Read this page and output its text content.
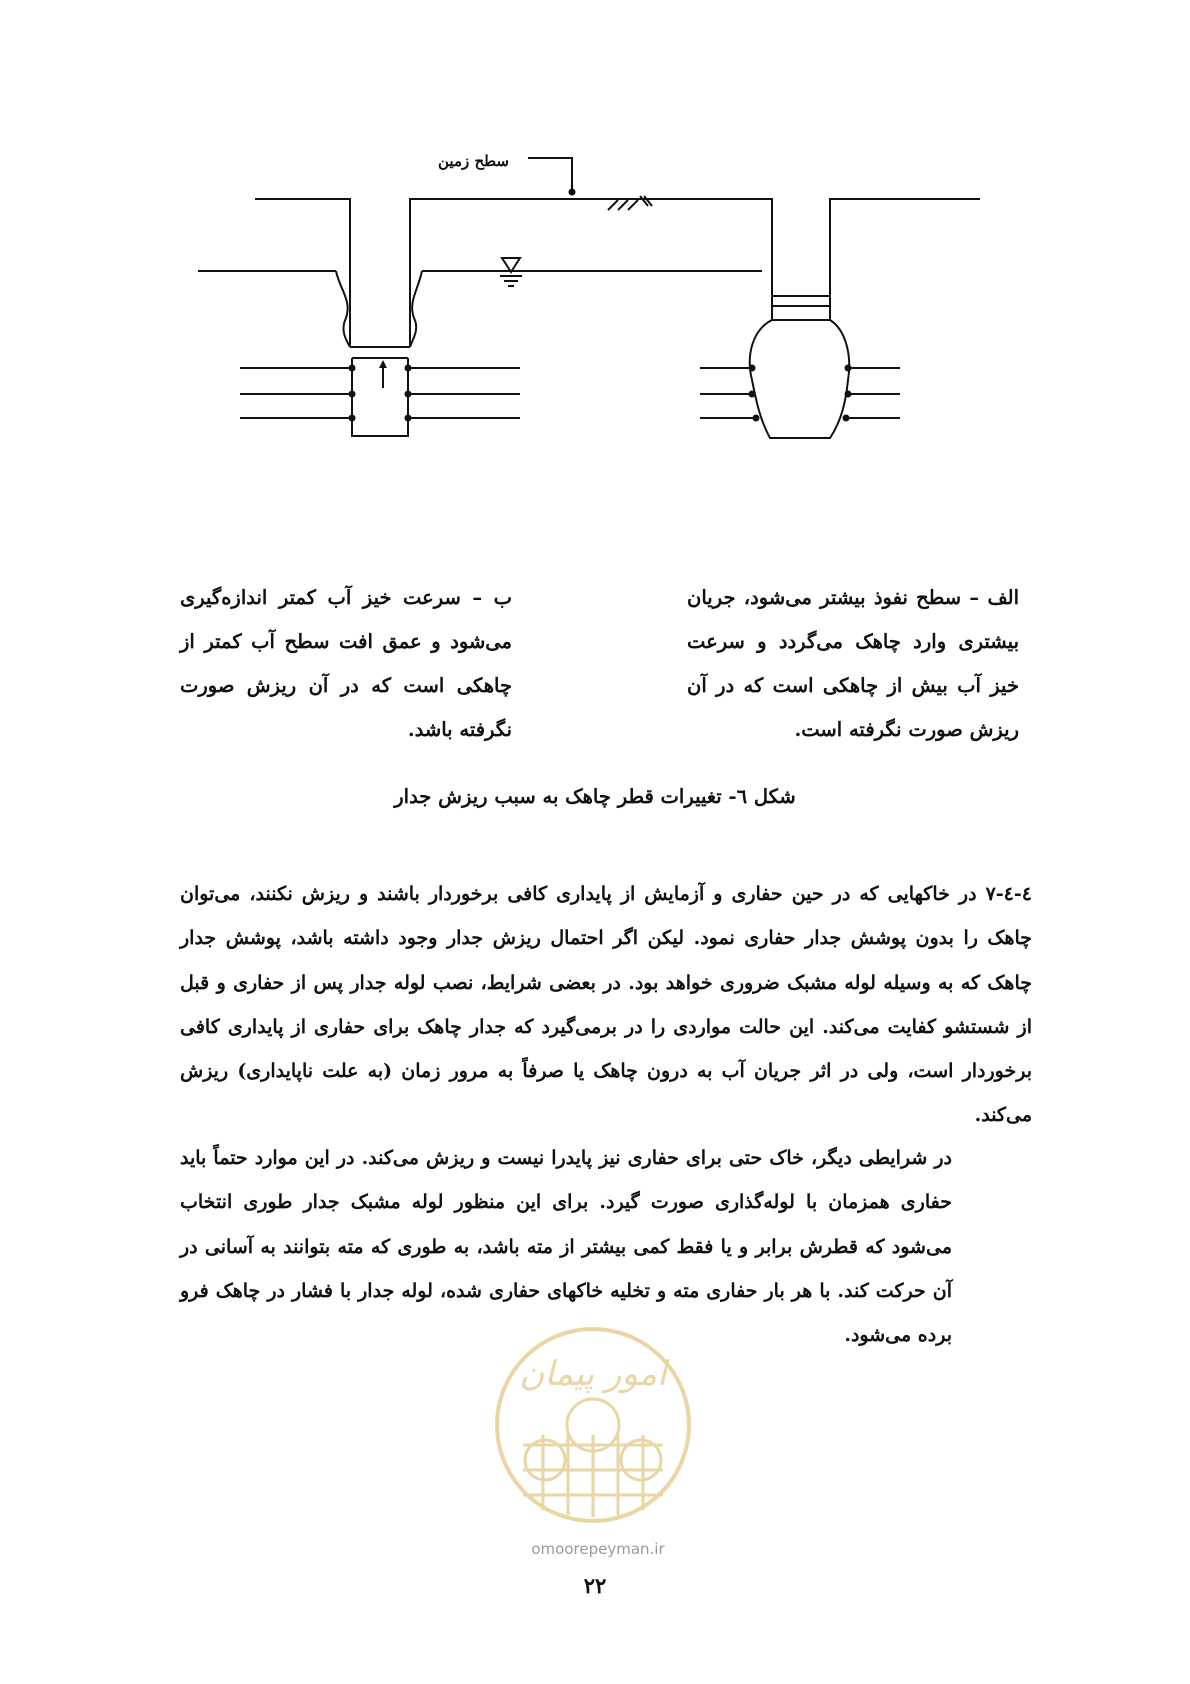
سطح زمین
الف – سطح نفوذ بیشتر می‌شود، جریان بیشتری وارد چاهک می‌گردد و سرعت خیز آب بیش از چاهکی است که در آن ریزش صورت نگرفته است.
ب – سرعت خیز آب کمتر اندازه‌گیری می‌شود و عمق افت سطح آب کمتر از چاهکی است که در آن ریزش صورت نگرفته باشد.
شکل ٦- تغییرات قطر چاهک به سبب ریزش جدار
٤-٤-٧ در خاکهایی که در حین حفاری و آزمایش از پایداری کافی برخوردار باشند و ریزش نکنند، می‌توان چاهک را بدون پوشش جدار حفاری نمود. لیکن اگر احتمال ریزش جدار وجود داشته باشد، پوشش جدار چاهک که به وسیله لوله مشبک ضروری خواهد بود. در بعضی شرایط، نصب لوله جدار پس از حفاری و قبل از شستشو کفایت می‌کند. این حالت مواردی را در برمی‌گیرد که جدار چاهک برای حفاری از پایداری کافی برخوردار است، ولی در اثر جریان آب به درون چاهک یا صرفاً به مرور زمان (به علت ناپایداری) ریزش می‌کند.
در شرایطی دیگر، خاک حتی برای حفاری نیز پایدرا نیست و ریزش می‌کند. در این موارد حتماً باید حفاری همزمان با لوله‌گذاری صورت گیرد. برای این منظور لوله مشبک جدار طوری انتخاب می‌شود که قطرش برابر و یا فقط کمی بیشتر از مته باشد، به طوری که مته بتوانند به آسانی در آن حرکت کند. با هر بار حفاری مته و تخلیه خاکهای حفاری شده، لوله جدار با فشار در چاهک فرو برده می‌شود.
امور پیمان
omoorepeyman.ir
٢٢
